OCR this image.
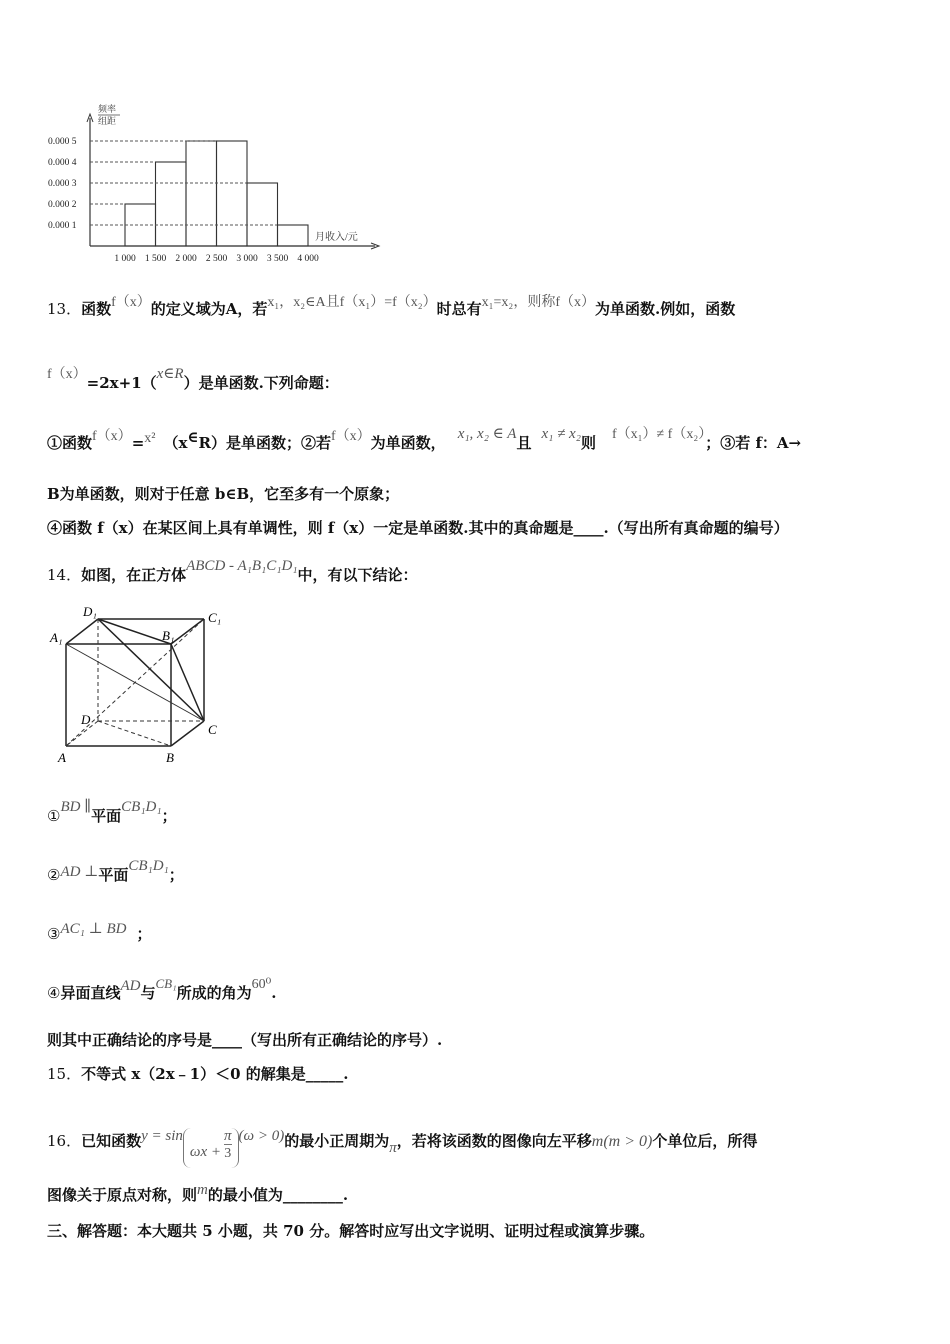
频率
组距
0.000 1
0.000 2
0.000 3
0.000 4
0.000 5
1 000 1 500 2 000 2 500 3 000 3 500 4 000
月收入/元
13．函数f（x）的定义域为A，若x₁，x₂∈A且f（x₁）=f（x₂）时总有x₁=x₂，则称f（x）为单函数.例如，函数
f（x）=2x+1（x∈R）是单函数.下列命题：
①函数f（x）=x² （x∈R）是单函数；②若f（x）为单函数， x₁, x₂ ∈ A且 x₁ ≠ x₂则 f（x₁）≠ f（x₂）；③若 f：A→
B为单函数，则对于任意 b∈B，它至多有一个原象；
④函数 f（x）在某区间上具有单调性，则 f（x）一定是单函数.其中的真命题是____.（写出所有真命题的编号）
14．如图，在正方体ABCD - A₁B₁C₁D₁中，有以下结论：
D₁	C₁
A₁	B₁
D
C
A	B
①BD ∥平面CB₁D₁；
②AD ⊥平面CB₁D₁；
③AC₁ ⊥ BD ；
④异面直线AD与CB₁所成的角为60⁰.
则其中正确结论的序号是____（写出所有正确结论的序号）.
15．不等式 x（2x﹣1）＜0 的解集是_____.
16．已知函数$y = \sin\omega x + \frac{\pi}{3} (\omega > 0)$的最小正周期为π，若将该函数的图像向左平移m(m > 0)个单位后，所得
图像关于原点对称，则m的最小值为________.
三、解答题：本大题共 5 小题，共 70 分。解答时应写出文字说明、证明过程或演算步骤。
